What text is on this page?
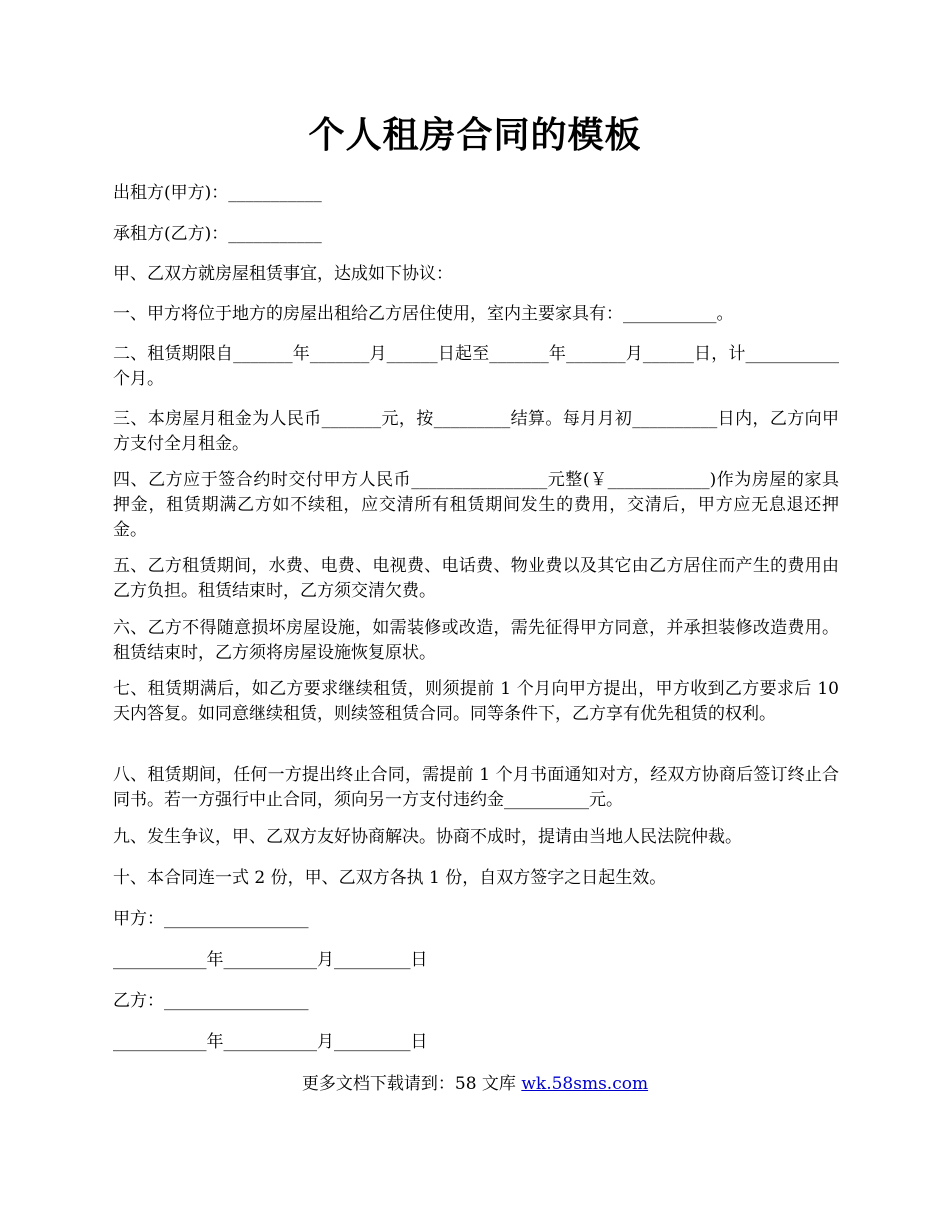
个人租房合同的模板
出租方(甲方)：___________
承租方(乙方)：___________
甲、乙双方就房屋租赁事宜，达成如下协议：
一、甲方将位于地方的房屋出租给乙方居住使用，室内主要家具有：___________。
二、租赁期限自_______年_______月______日起至_______年_______月______日，计___________个月。
三、本房屋月租金为人民币_______元，按_________结算。每月月初__________日内，乙方向甲方支付全月租金。
四、乙方应于签合约时交付甲方人民币________________元整(￥____________)作为房屋的家具押金，租赁期满乙方如不续租，应交清所有租赁期间发生的费用，交清后，甲方应无息退还押金。
五、乙方租赁期间，水费、电费、电视费、电话费、物业费以及其它由乙方居住而产生的费用由乙方负担。租赁结束时，乙方须交清欠费。
六、乙方不得随意损坏房屋设施，如需装修或改造，需先征得甲方同意，并承担装修改造费用。租赁结束时，乙方须将房屋设施恢复原状。
七、租赁期满后，如乙方要求继续租赁，则须提前 1 个月向甲方提出，甲方收到乙方要求后 10 天内答复。如同意继续租赁，则续签租赁合同。同等条件下，乙方享有优先租赁的权利。
八、租赁期间，任何一方提出终止合同，需提前 1 个月书面通知对方，经双方协商后签订终止合同书。若一方强行中止合同，须向另一方支付违约金__________元。
九、发生争议，甲、乙双方友好协商解决。协商不成时，提请由当地人民法院仲裁。
十、本合同连一式 2 份，甲、乙双方各执 1 份，自双方签字之日起生效。
甲方：_________________
___________年___________月_________日
乙方：_________________
___________年___________月_________日
更多文档下载请到：58 文库 wk.58sms.com
